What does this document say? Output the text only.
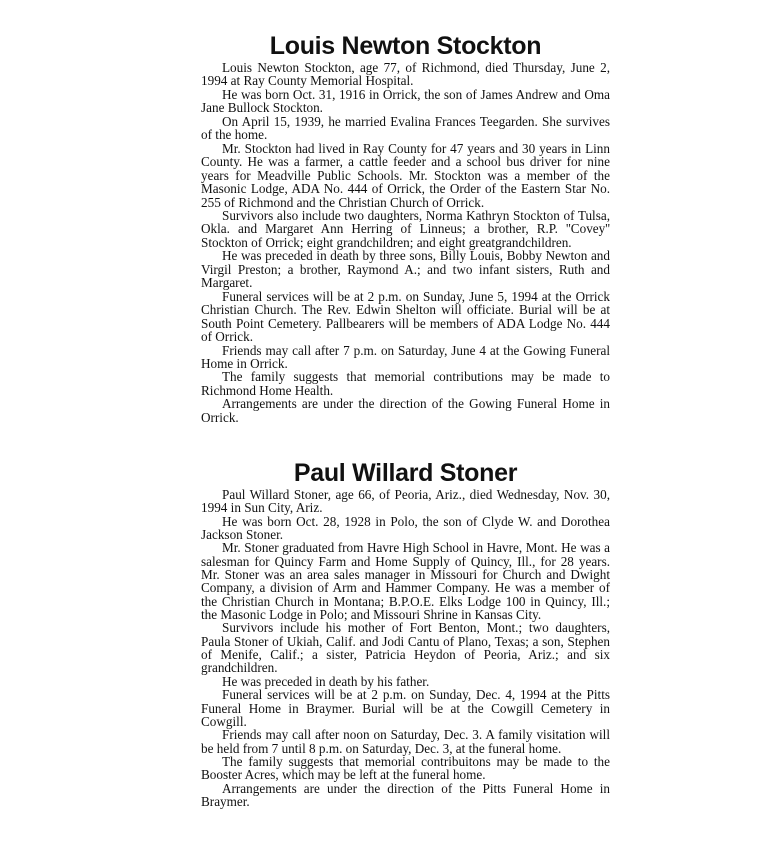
Louis Newton Stockton

Louis Newton Stockton, age 77, of Richmond, died Thursday, June 2, 1994 at Ray County Memorial Hospital.

He was born Oct. 31, 1916 in Orrick, the son of James Andrew and Oma Jane Bullock Stockton.

On April 15, 1939, he married Evalina Frances Teegarden. She survives of the home.

Mr. Stockton had lived in Ray County for 47 years and 30 years in Linn County. He was a farmer, a cattle feeder and a school bus driver for nine years for Meadville Public Schools. Mr. Stockton was a member of the Masonic Lodge, ADA No. 444 of Orrick, the Order of the Eastern Star No. 255 of Richmond and the Christian Church of Orrick.

Survivors also include two daughters, Norma Kathryn Stockton of Tulsa, Okla. and Margaret Ann Herring of Linneus; a brother, R.P. ''Covey'' Stockton of Orrick; eight grandchildren; and eight greatgrandchildren.

He was preceded in death by three sons, Billy Louis, Bobby Newton and Virgil Preston; a brother, Raymond A.; and two infant sisters, Ruth and Margaret.

Funeral services will be at 2 p.m. on Sunday, June 5, 1994 at the Orrick Christian Church. The Rev. Edwin Shelton will officiate. Burial will be at South Point Cemetery. Pallbearers will be members of ADA Lodge No. 444 of Orrick.

Friends may call after 7 p.m. on Saturday, June 4 at the Gowing Funeral Home in Orrick.

The family suggests that memorial contributions may be made to Richmond Home Health.

Arrangements are under the direction of the Gowing Funeral Home in Orrick.

Paul Willard Stoner

Paul Willard Stoner, age 66, of Peoria, Ariz., died Wednesday, Nov. 30, 1994 in Sun City, Ariz.

He was born Oct. 28, 1928 in Polo, the son of Clyde W. and Dorothea Jackson Stoner.

Mr. Stoner graduated from Havre High School in Havre, Mont. He was a salesman for Quincy Farm and Home Supply of Quincy, Ill., for 28 years. Mr. Stoner was an area sales manager in Missouri for Church and Dwight Company, a division of Arm and Hammer Company. He was a member of the Christian Church in Montana; B.P.O.E. Elks Lodge 100 in Quincy, Ill.; the Masonic Lodge in Polo; and Missouri Shrine in Kansas City.

Survivors include his mother of Fort Benton, Mont.; two daughters, Paula Stoner of Ukiah, Calif. and Jodi Cantu of Plano, Texas; a son, Stephen of Menife, Calif.; a sister, Patricia Heydon of Peoria, Ariz.; and six grandchildren.

He was preceded in death by his father.

Funeral services will be at 2 p.m. on Sunday, Dec. 4, 1994 at the Pitts Funeral Home in Braymer. Burial will be at the Cowgill Cemetery in Cowgill.

Friends may call after noon on Saturday, Dec. 3. A family visitation will be held from 7 until 8 p.m. on Saturday, Dec. 3, at the funeral home.

The family suggests that memorial contribuitons may be made to the Booster Acres, which may be left at the funeral home.

Arrangements are under the direction of the Pitts Funeral Home in Braymer.
